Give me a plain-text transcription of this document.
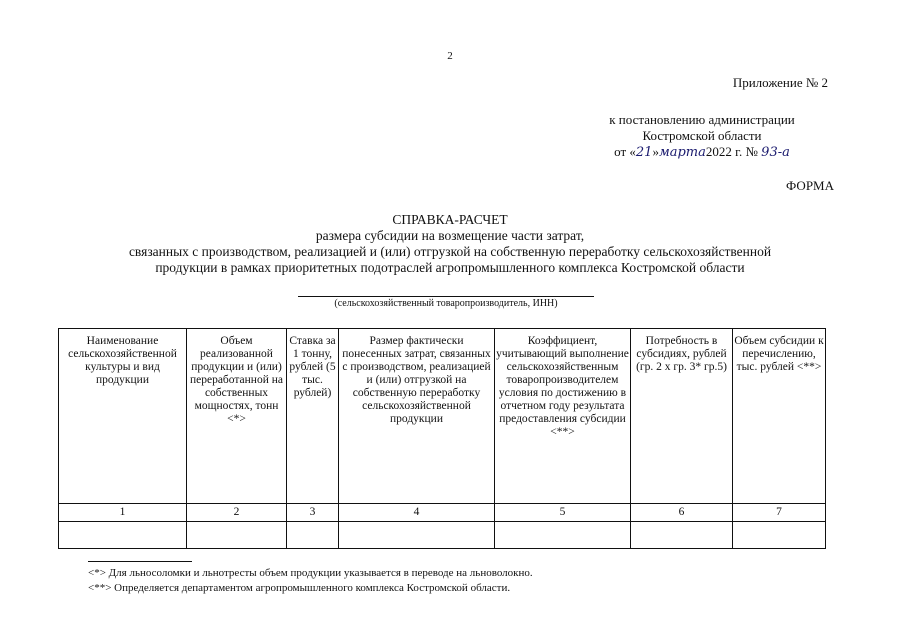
2
Приложение № 2
к постановлению администрации
Костромской области
от «21»марта2022 г. № 93-а
ФОРМА
СПРАВКА-РАСЧЕТ
размера субсидии на возмещение части затрат,
связанных с производством, реализацией и (или) отгрузкой на собственную переработку сельскохозяйственной
продукции в рамках приоритетных подотраслей агропромышленного комплекса Костромской области
(сельскохозяйственный товаропроизводитель, ИНН)
Наименование сельскохозяйственной культуры и вид продукции	Объем реализованной продукции и (или) переработанной на собственных мощностях, тонн <*>	Ставка за 1 тонну, рублей (5 тыс. рублей)	Размер фактически понесенных затрат, связанных с производством, реализацией и (или) отгрузкой на собственную переработку сельскохозяйственной продукции	Коэффициент, учитывающий выполнение сельскохозяйственным товаропроизводителем условия по достижению в отчетном году результата предоставления субсидии <**>	Потребность в субсидиях, рублей (гр. 2 x гр. 3* гр.5)	Объем субсидии к перечислению, тыс. рублей <**>
1	2	3	4	5	6	7

<*> Для льносоломки и льнотресты объем продукции указывается в переводе на льноволокно.
<**> Определяется департаментом агропромышленного комплекса Костромской области.
